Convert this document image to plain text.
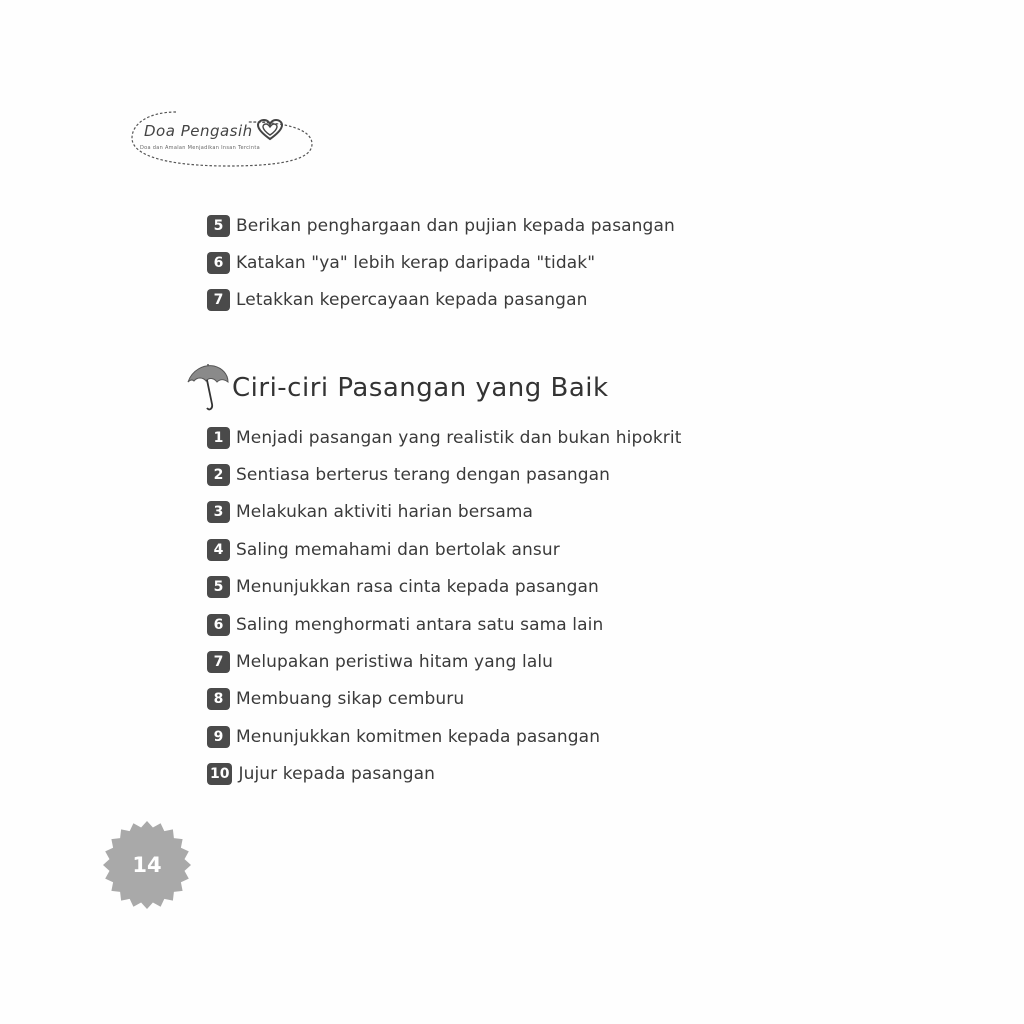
Doa Pengasih
Doa dan Amalan Menjadikan Insan Tercinta
5 Berikan penghargaan dan pujian kepada pasangan
6 Katakan "ya" lebih kerap daripada "tidak"
7 Letakkan kepercayaan kepada pasangan
Ciri-ciri Pasangan yang Baik
1 Menjadi pasangan yang realistik dan bukan hipokrit
2 Sentiasa berterus terang dengan pasangan
3 Melakukan aktiviti harian bersama
4 Saling memahami dan bertolak ansur
5 Menunjukkan rasa cinta kepada pasangan
6 Saling menghormati antara satu sama lain
7 Melupakan peristiwa hitam yang lalu
8 Membuang sikap cemburu
9 Menunjukkan komitmen kepada pasangan
10 Jujur kepada pasangan
14
